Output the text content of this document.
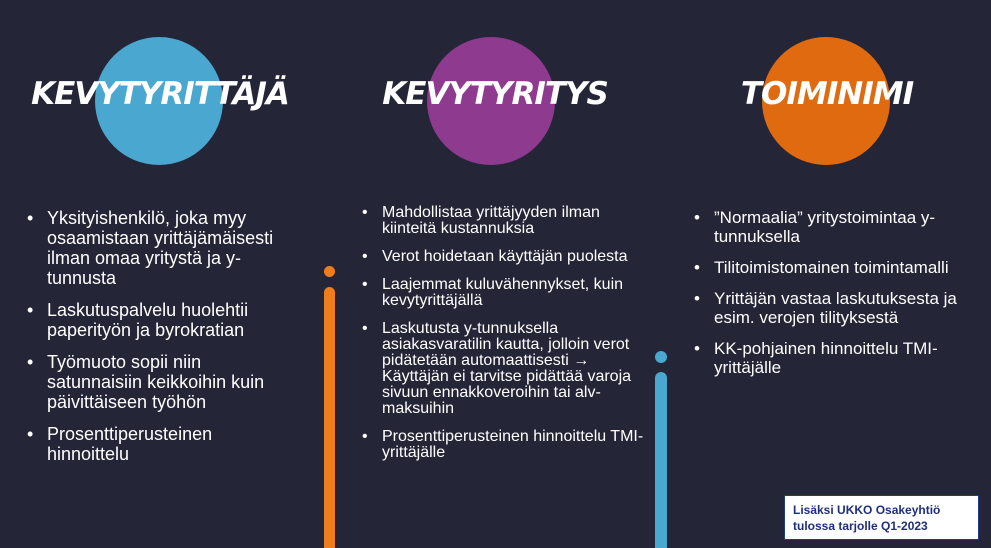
KEVYTYRITTÄJÄ	KEVYTYRITYS	TOIMINIMI
• Yksityishenkilö, joka myy osaamistaan yrittäjämäisesti ilman omaa yritystä ja y-tunnusta
• Laskutuspalvelu huolehtii paperityön ja byrokratian
• Työmuoto sopii niin satunnaisiin keikkoihin kuin päivittäiseen työhön
• Prosenttiperusteinen hinnoittelu
• Mahdollistaa yrittäjyyden ilman kiinteitä kustannuksia
• Verot hoidetaan käyttäjän puolesta
• Laajemmat kuluvähennykset, kuin kevytyrittäjällä
• Laskutusta y-tunnuksella asiakasvaratilin kautta, jolloin verot pidätetään automaattisesti → Käyttäjän ei tarvitse pidättää varoja sivuun ennakkoveroihin tai alv-maksuihin
• Prosenttiperusteinen hinnoittelu TMI-yrittäjälle
• ”Normaalia” yritystoimintaa y-tunnuksella
• Tilitoimistomainen toimintamalli
• Yrittäjän vastaa laskutuksesta ja esim. verojen tilityksestä
• KK-pohjainen hinnoittelu TMI-yrittäjälle
Lisäksi UKKO Osakeyhtiö
tulossa tarjolle Q1-2023
